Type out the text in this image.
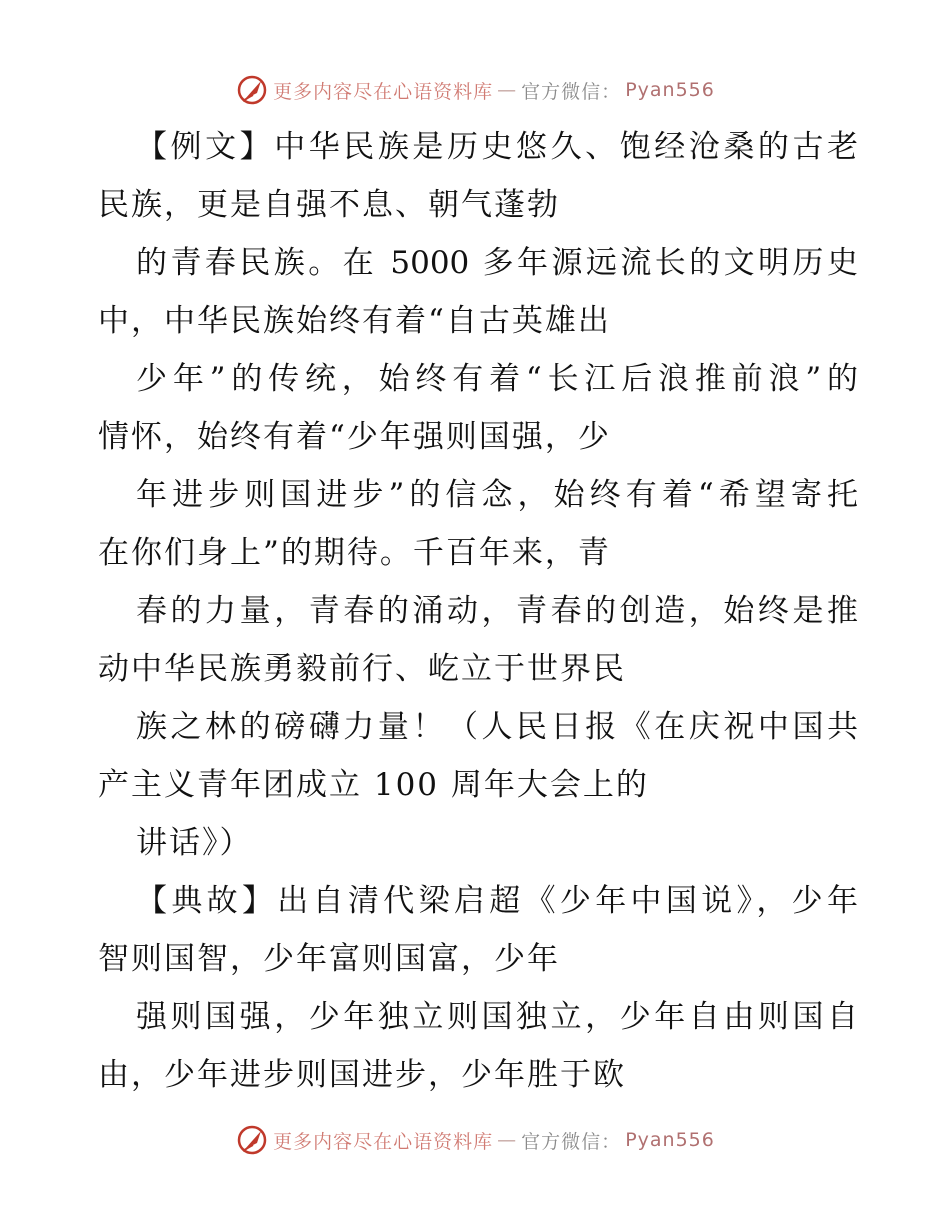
更多内容尽在心语资料库 — 官方微信： Pyan556
【例文】中华民族是历史悠久、饱经沧桑的古老
民族，更是自强不息、朝气蓬勃
的青春民族。在 5000 多年源远流长的文明历史
中，中华民族始终有着“自古英雄出
少年”的传统，始终有着“长江后浪推前浪”的
情怀，始终有着“少年强则国强，少
年进步则国进步”的信念，始终有着“希望寄托
在你们身上”的期待。千百年来，青
春的力量，青春的涌动，青春的创造，始终是推
动中华民族勇毅前行、屹立于世界民
族之林的磅礴力量！（人民日报《在庆祝中国共
产主义青年团成立 100 周年大会上的
讲话》）
【典故】出自清代梁启超《少年中国说》，少年
智则国智，少年富则国富，少年
强则国强，少年独立则国独立，少年自由则国自
由，少年进步则国进步，少年胜于欧
更多内容尽在心语资料库 — 官方微信： Pyan556
